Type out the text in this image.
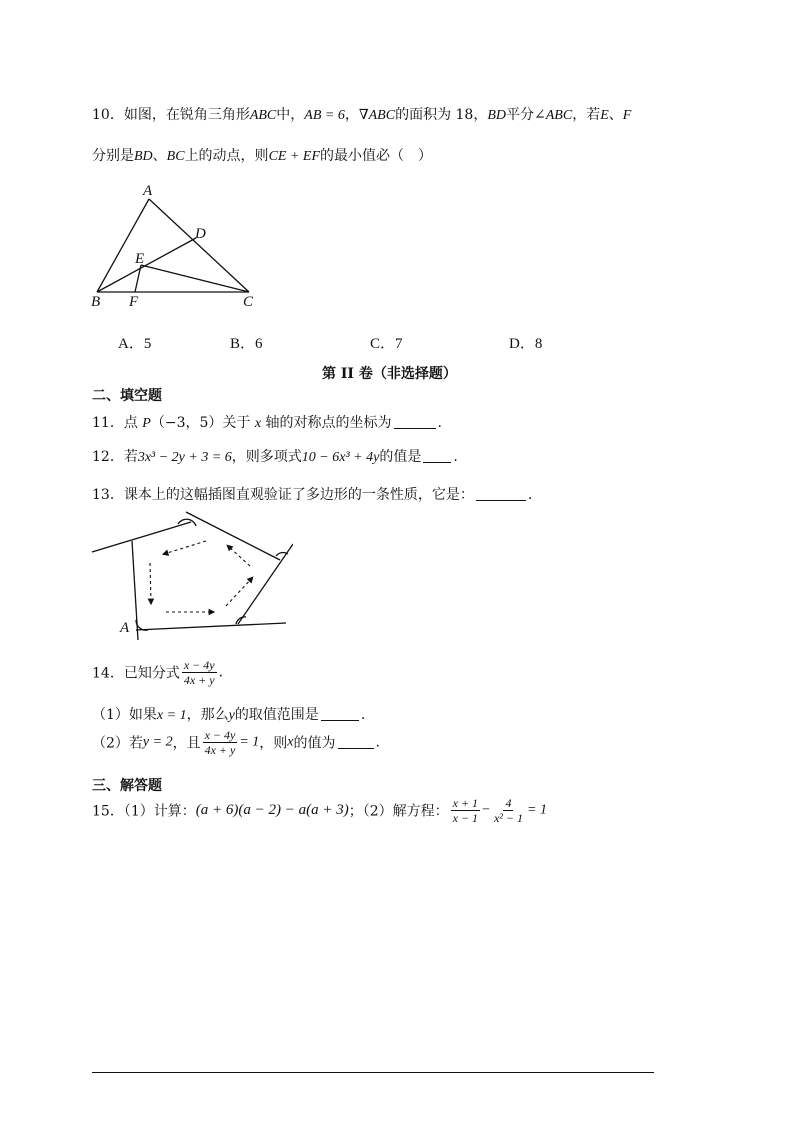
10．如图，在锐角三角形ABC中，AB = 6，∇ABC的面积为 18，BD平分∠ABC，若E、F
分别是BD、BC上的动点，则CE + EF的最小值必（　）
A
D
E
B F	C
A．5	B．6	C．7	D．8
第 II 卷（非选择题）
二、填空题
11．点 P（−3，5）关于 x 轴的对称点的坐标为	.
12．若3x³ − 2y + 3 = 6，则多项式10 − 6x³ + 4y的值是 .
13．课本上的这幅插图直观验证了多边形的一条性质，它是：	.
A
14．已知分式 $\frac{x - 4y}{4x + y}$ .
（1）如果x = 1，那么y的取值范围是	.
（2）若y = 2，且 $\frac{x - 4y}{4x + y} = 1$，则x的值为	.
三、解答题
15．（1）计算：(a + 6)(a − 2) − a(a + 3)；（2）解方程： $\frac{x + 1}{x - 1} - \frac{4}{\text{x² − 1}} = 1$
